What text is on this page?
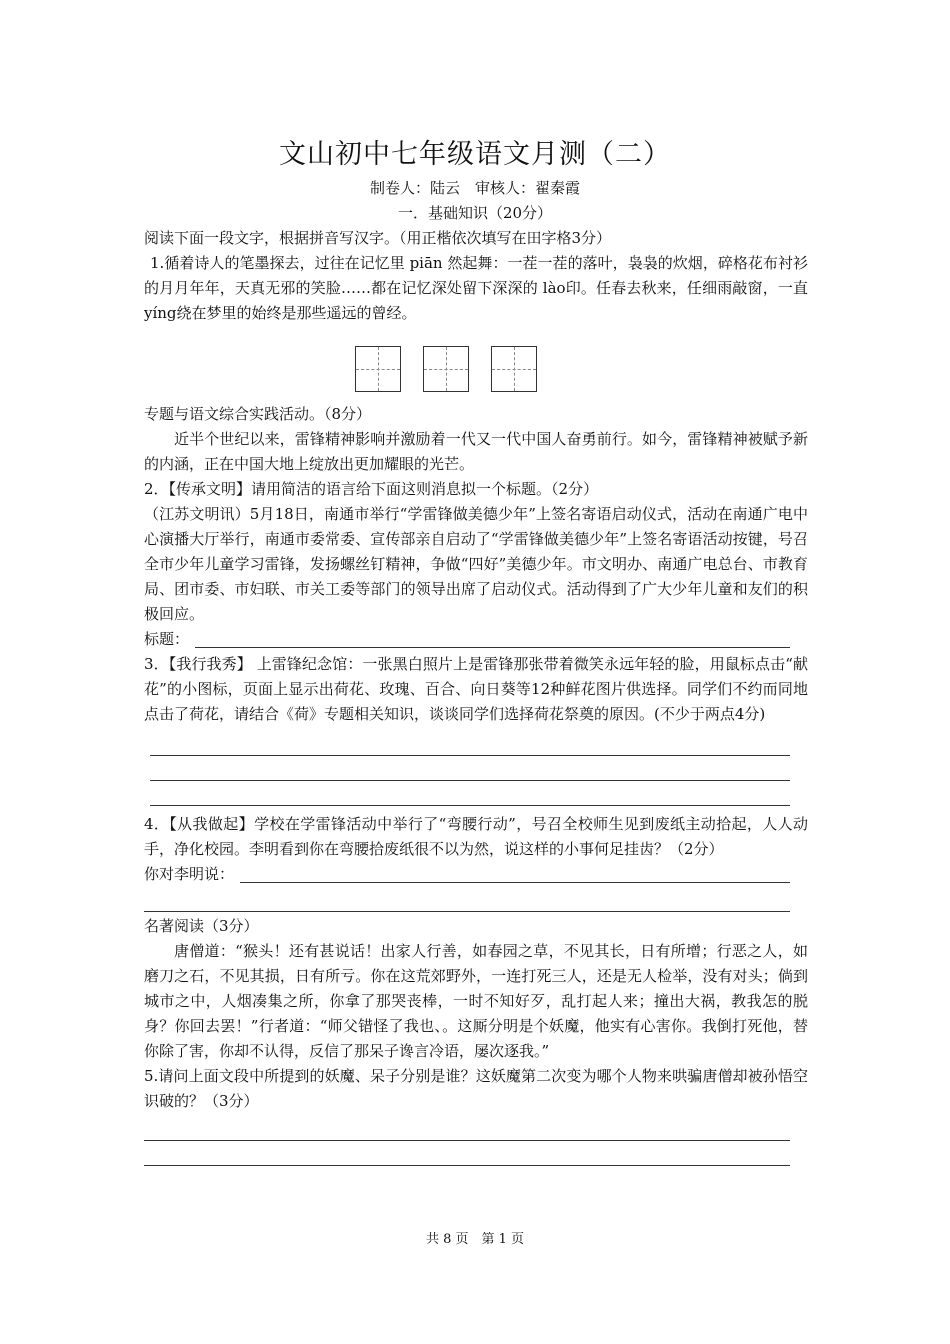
文山初中七年级语文月测（二）
制卷人：陆云　审核人：翟秦霞
一．基础知识（20分）

阅读下面一段文字，根据拼音写汉字。（用正楷依次填写在田字格3分）

1.循着诗人的笔墨探去，过往在记忆里 piān 然起舞：一茬一茬的落叶，袅袅的炊烟，碎格花布衬衫的月月年年，天真无邪的笑脸……都在记忆深处留下深深的 lào印。任春去秋来，任细雨敲窗，一直 yíng绕在梦里的始终是那些遥远的曾经。

专题与语文综合实践活动。（8分）

近半个世纪以来，雷锋精神影响并激励着一代又一代中国人奋勇前行。如今，雷锋精神被赋予新的内涵，正在中国大地上绽放出更加耀眼的光芒。

2．【传承文明】请用简洁的语言给下面这则消息拟一个标题。（2分）

（江苏文明讯）5月18日，南通市举行“学雷锋做美德少年”上签名寄语启动仪式，活动在南通广电中心演播大厅举行，南通市委常委、宣传部亲自启动了“学雷锋做美德少年”上签名寄语活动按键，号召全市少年儿童学习雷锋，发扬螺丝钉精神，争做“四好”美德少年。市文明办、南通广电总台、市教育局、团市委、市妇联、市关工委等部门的领导出席了启动仪式。活动得到了广大少年儿童和友们的积极回应。

标题：

3．【我行我秀】 上雷锋纪念馆：一张黑白照片上是雷锋那张带着微笑永远年轻的脸，用鼠标点击“献花”的小图标，页面上显示出荷花、玫瑰、百合、向日葵等12种鲜花图片供选择。同学们不约而同地点击了荷花，请结合《荷》专题相关知识，谈谈同学们选择荷花祭奠的原因。(不少于两点4分)

4．【从我做起】学校在学雷锋活动中举行了“弯腰行动”，号召全校师生见到废纸主动拾起，人人动手，净化校园。李明看到你在弯腰拾废纸很不以为然，说这样的小事何足挂齿？（2分）

你对李明说：

名著阅读（3分）

唐僧道：“猴头！还有甚说话！出家人行善，如春园之草，不见其长，日有所增；行恶之人，如磨刀之石，不见其损，日有所亏。你在这荒郊野外，一连打死三人，还是无人检举，没有对头；倘到城市之中，人烟凑集之所，你拿了那哭丧棒，一时不知好歹，乱打起人来；撞出大祸，教我怎的脱身？你回去罢！”行者道：“师父错怪了我也、。这厮分明是个妖魔，他实有心害你。我倒打死他，替你除了害，你却不认得，反信了那呆子谗言冷语，屡次逐我。”

5.请问上面文段中所提到的妖魔、呆子分别是谁？这妖魔第二次变为哪个人物来哄骗唐僧却被孙悟空识破的？（3分）

共 8 页　第 1 页
